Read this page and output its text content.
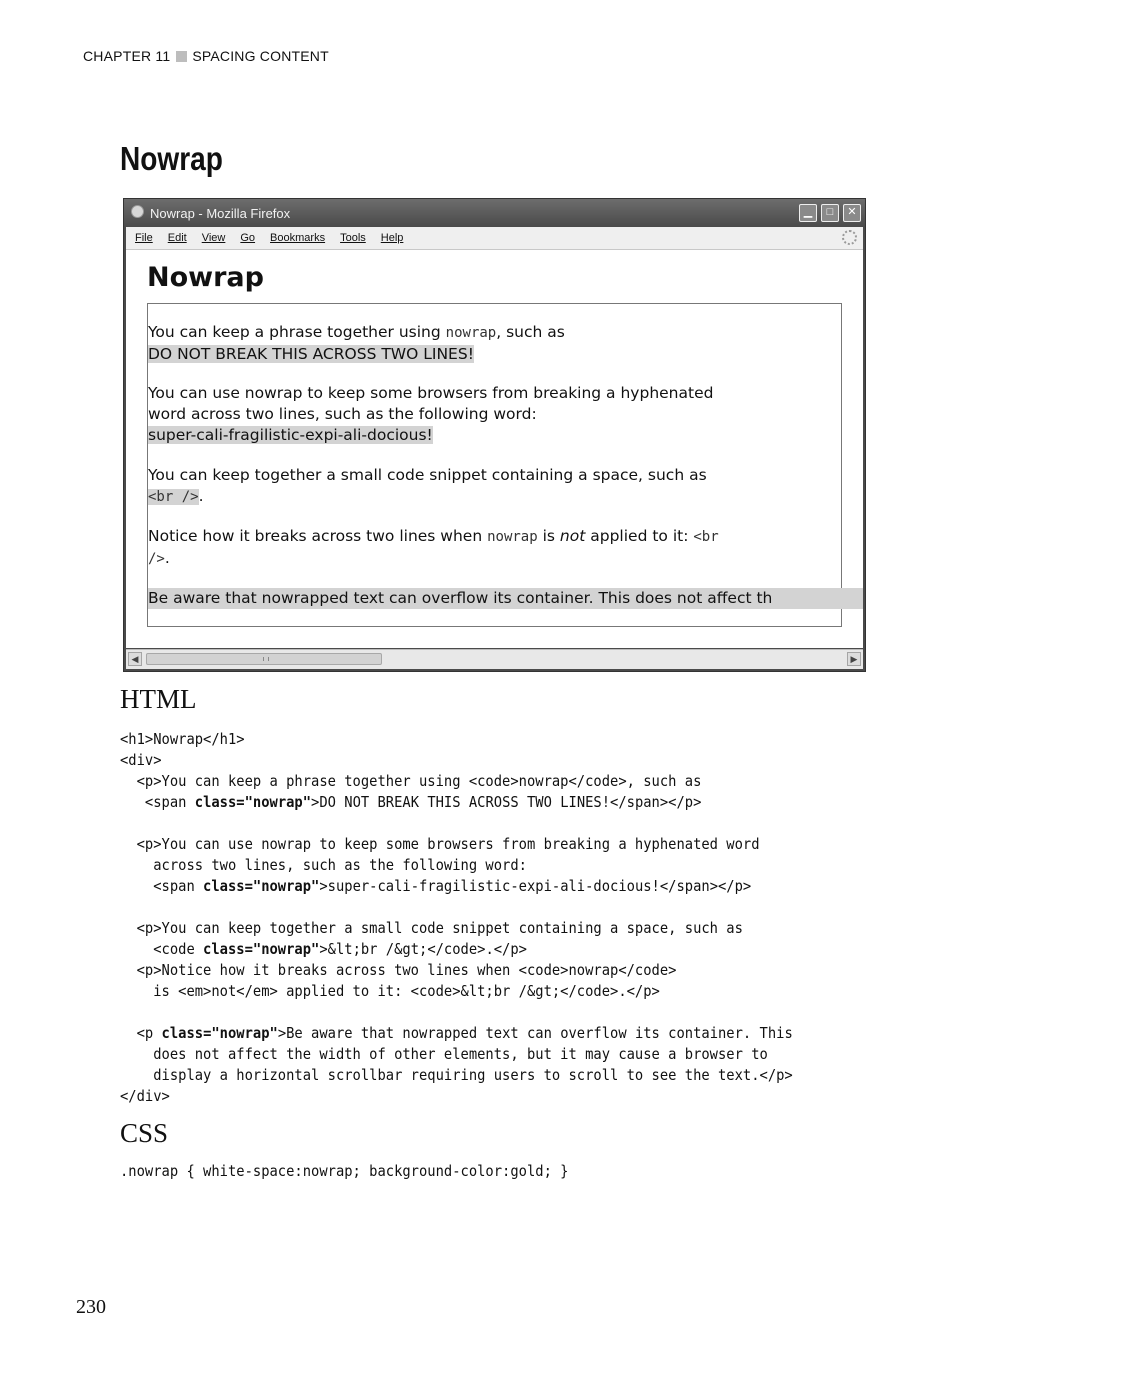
CHAPTER 11 SPACING CONTENT
Nowrap
Nowrap - Mozilla Firefox	▁	□	✕
File Edit View Go Bookmarks Tools Help
Nowrap

You can keep a phrase together using nowrap, such as
DO NOT BREAK THIS ACROSS TWO LINES!

You can use nowrap to keep some browsers from breaking a hyphenated
word across two lines, such as the following word:
super-cali-fragilistic-expi-ali-docious!

You can keep together a small code snippet containing a space, such as
<br />.

Notice how it breaks across two lines when nowrap is not applied to it: <br
/>.

Be aware that nowrapped text can overflow its container. This does not affect th

◀	▶
HTML
<h1>Nowrap</h1>
<div>
<p>You can keep a phrase together using <code>nowrap</code>, such as
<span class="nowrap">DO NOT BREAK THIS ACROSS TWO LINES!</span></p>

<p>You can use nowrap to keep some browsers from breaking a hyphenated word
across two lines, such as the following word:
<span class="nowrap">super-cali-fragilistic-expi-ali-docious!</span></p>

<p>You can keep together a small code snippet containing a space, such as
<code class="nowrap">&lt;br /&gt;</code>.</p>
<p>Notice how it breaks across two lines when <code>nowrap</code>
is <em>not</em> applied to it: <code>&lt;br /&gt;</code>.</p>

<p class="nowrap">Be aware that nowrapped text can overflow its container. This
does not affect the width of other elements, but it may cause a browser to
display a horizontal scrollbar requiring users to scroll to see the text.</p>
</div>
CSS
.nowrap { white-space:nowrap; background-color:gold; }
230
